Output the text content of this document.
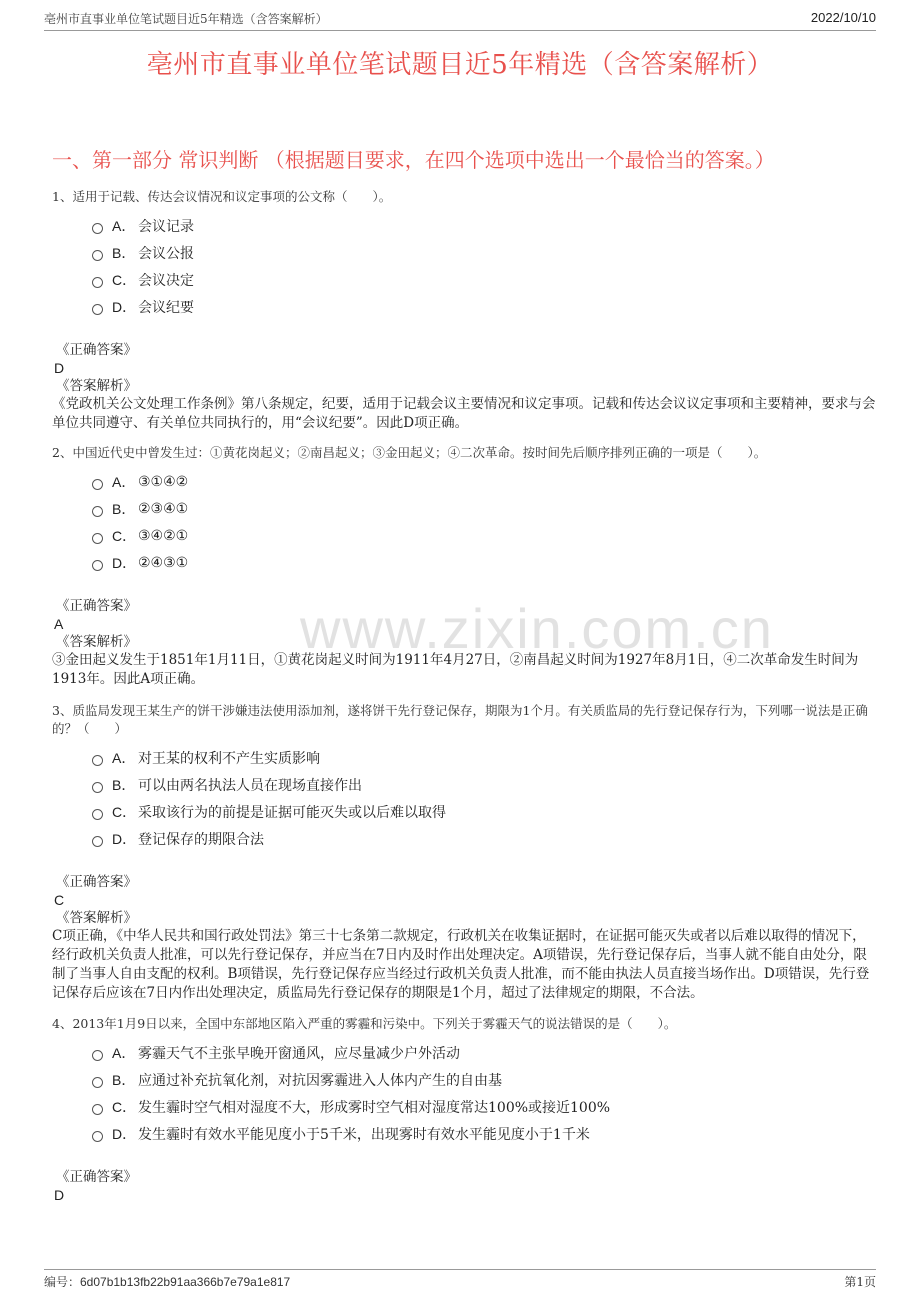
亳州市直事业单位笔试题目近5年精选（含答案解析）	2022/10/10
亳州市直事业单位笔试题目近5年精选（含答案解析）
一、第一部分 常识判断 （根据题目要求，在四个选项中选出一个最恰当的答案。）
www.zixin.com.cn

1、适用于记载、传达会议情况和议定事项的公文称（　　）。

A． 会议记录
B． 会议公报
C． 会议决定
D． 会议纪要
《正确答案》
D
《答案解析》

《党政机关公文处理工作条例》第八条规定，纪要，适用于记载会议主要情况和议定事项。记载和传达会议议定事项和主要精神，要求与会单位共同遵守、有关单位共同执行的，用“会议纪要”。因此D项正确。

2、中国近代史中曾发生过：①黄花岗起义；②南昌起义；③金田起义；④二次革命。按时间先后顺序排列正确的一项是（　　）。

A． ③①④②
B． ②③④①
C． ③④②①
D． ②④③①
《正确答案》
A
《答案解析》

③金田起义发生于1851年1月11日，①黄花岗起义时间为1911年4月27日，②南昌起义时间为1927年8月1日，④二次革命发生时间为1913年。因此A项正确。

3、质监局发现王某生产的饼干涉嫌违法使用添加剂，遂将饼干先行登记保存，期限为1个月。有关质监局的先行登记保存行为，下列哪一说法是正确的？（　　）

A． 对王某的权利不产生实质影响
B． 可以由两名执法人员在现场直接作出
C． 采取该行为的前提是证据可能灭失或以后难以取得
D． 登记保存的期限合法
《正确答案》
C
《答案解析》

C项正确，《中华人民共和国行政处罚法》第三十七条第二款规定，行政机关在收集证据时，在证据可能灭失或者以后难以取得的情况下，经行政机关负责人批准，可以先行登记保存，并应当在7日内及时作出处理决定。A项错误，先行登记保存后，当事人就不能自由处分，限制了当事人自由支配的权利。B项错误，先行登记保存应当经过行政机关负责人批准，而不能由执法人员直接当场作出。D项错误，先行登记保存后应该在7日内作出处理决定，质监局先行登记保存的期限是1个月，超过了法律规定的期限，不合法。

4、2013年1月9日以来，全国中东部地区陷入严重的雾霾和污染中。下列关于雾霾天气的说法错误的是（　　）。

A． 雾霾天气不主张早晚开窗通风，应尽量减少户外活动
B． 应通过补充抗氧化剂，对抗因雾霾进入人体内产生的自由基
C． 发生霾时空气相对湿度不大，形成雾时空气相对湿度常达100%或接近100%
D． 发生霾时有效水平能见度小于5千米，出现雾时有效水平能见度小于1千米
《正确答案》
D
编号：6d07b1b13fb22b91aa366b7e79a1e817	第1页
